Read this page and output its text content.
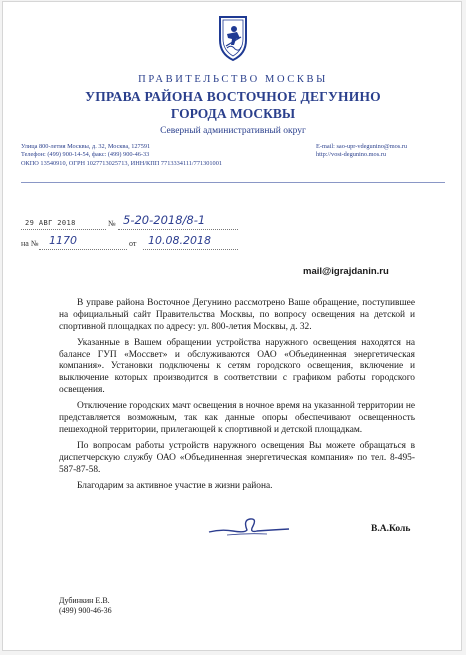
ПРАВИТЕЛЬСТВО МОСКВЫ
УПРАВА РАЙОНА ВОСТОЧНОЕ ДЕГУНИНО
ГОРОДА МОСКВЫ
Северный административный округ
Улица 800-летия Москвы, д. 32, Москва, 127591
Телефон: (499) 900-14-54, факс: (499) 900-46-33
ОКПО 13540910, ОГРН 1027713025713, ИНН/КПП 7713334111/771301001
E-mail: sao-upr-vdegunino@mos.ru
http://vost-degunino.mos.ru
29 АВГ 2018	№ 5-20-2018/8-1
на № 1170	от 10.08.2018
mail@igrajdanin.ru

В управе района Восточное Дегунино рассмотрено Ваше обращение, поступившее на официальный сайт Правительства Москвы, по вопросу освещения на детской и спортивной площадках по адресу: ул. 800-летия Москвы, д. 32.

Указанные в Вашем обращении устройства наружного освещения находятся на балансе ГУП «Моссвет» и обслуживаются ОАО «Объединенная энергетическая компания». Установки подключены к сетям городского освещения, включение и выключение которых производится в соответствии с графиком работы городского освещения.

Отключение городских мачт освещения в ночное время на указанной территории не представляется возможным, так как данные опоры обеспечивают освещенность пешеходной территории, прилегающей к спортивной и детской площадкам.

По вопросам работы устройств наружного освещения Вы можете обращаться в диспетчерскую службу ОАО «Объединенная энергетическая компания» по тел. 8-495-587-87-58.

Благодарим за активное участие в жизни района.

В.А.Коль
Дубинкин Е.В.
(499) 900-46-36
